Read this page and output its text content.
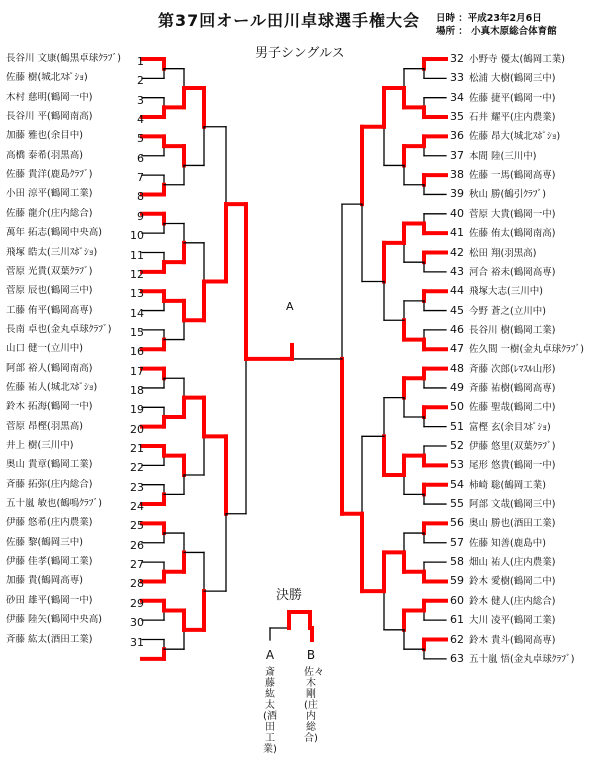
第37回オール田川卓球選手権大会 日時 ：平成23年2月6日
場所 ： 小真木原総合体育館
男子シングルス
長谷川 文康(鶴黒卓球ｸﾗﾌﾞ) 1
佐藤 樹(城北ｽﾎﾟｼｮ)	2
木村 慈明(鶴岡一中)	3
長谷川 平(鶴岡南高)	4
加藤 雅也(余目中)	5
高橋 泰希(羽黒高)	6
佐藤 貴洋(鹿島ｸﾗﾌﾞ)	7
小田 涼平(鶴岡工業)	8
佐藤 龍介(庄内総合)	9
萬年 拓志(鶴岡中央高)	10
飛塚 皓太(三川ｽﾎﾟｼｮ)	11
菅原 光貴(双葉ｸﾗﾌﾞ)	12
菅原 辰也(鶴岡三中)	13
工藤 侑平(鶴岡高専)	14
長南 卓也(金丸卓球ｸﾗﾌﾞ) 15
山口 健一(立川中)	16
阿部 裕人(鶴岡南高)	17
佐藤 祐人(城北ｽﾎﾟｼｮ)	18
鈴木 拓海(鶴岡一中)	19
菅原 昂樫(羽黒高)	20
井上 樹(三川中)	21
奥山 貴章(鶴岡工業)	22
斉藤 拓弥(庄内総合)	23
五十嵐 敏也(鶴鳴ｸﾗﾌﾞ)	24
伊藤 悠希(庄内農業)	25
佐藤 黎(鶴岡三中)	26
伊藤 佳孝(鶴岡工業)	27
加藤 貴(鶴岡高専)	28
砂田 雄平(鶴岡一中)	29
伊藤 陸矢(鶴岡中央高)	30
斉藤 紘太(酒田工業)	31
32 小野寺 優太(鶴岡工業)
33 松浦 大樹(鶴岡三中)
34 佐藤 捷平(鶴岡一中)
35 石井 耀平(庄内農業)
36 佐藤 昂大(城北ｽﾎﾟｼｮ)
37 本間 陸(三川中)
38 佐藤 一馬(鶴岡高専)
39 秋山 勝(鶴引ｸﾗﾌﾞ)
40 菅原 大貴(鶴岡一中)
41 佐藤 侑太(鶴岡南高)
42 松田 翔(羽黒高)
43 河合 裕未(鶴岡高専)
44 飛塚大志(三川中)
45 今野 蒼之(立川中)
46 長谷川 樹(鶴岡工業)
47 佐久間 一樹(金丸卓球ｸﾗﾌﾞ)
48 斉藤 次郎(ﾚﾏｽﾙ山形)
49 斉藤 祐樹(鶴岡高専)
50 佐藤 聖哉(鶴岡二中)
51 富樫 玄(余目ｽﾎﾟｼｮ)
52 伊藤 悠里(双葉ｸﾗﾌﾞ)
53 尾形 悠貴(鶴岡一中)
54 柿崎 聡(鶴岡工業)
55 阿部 文哉(鶴岡三中)
56 奥山 勝也(酒田工業)
57 佐藤 知善(鹿島中)
58 畑山 祐人(庄内農業)
59 鈴木 愛樹(鶴岡二中)
60 鈴木 健人(庄内総合)
61 大川 凌平(鶴岡工業)
62 鈴木 貴斗(鶴岡高専)
63 五十嵐 悟(金丸卓球ｸﾗﾌﾞ)
A
決勝
A
斎藤 紘太(酒田工業)
B
佐々木 剛(庄内総合)
